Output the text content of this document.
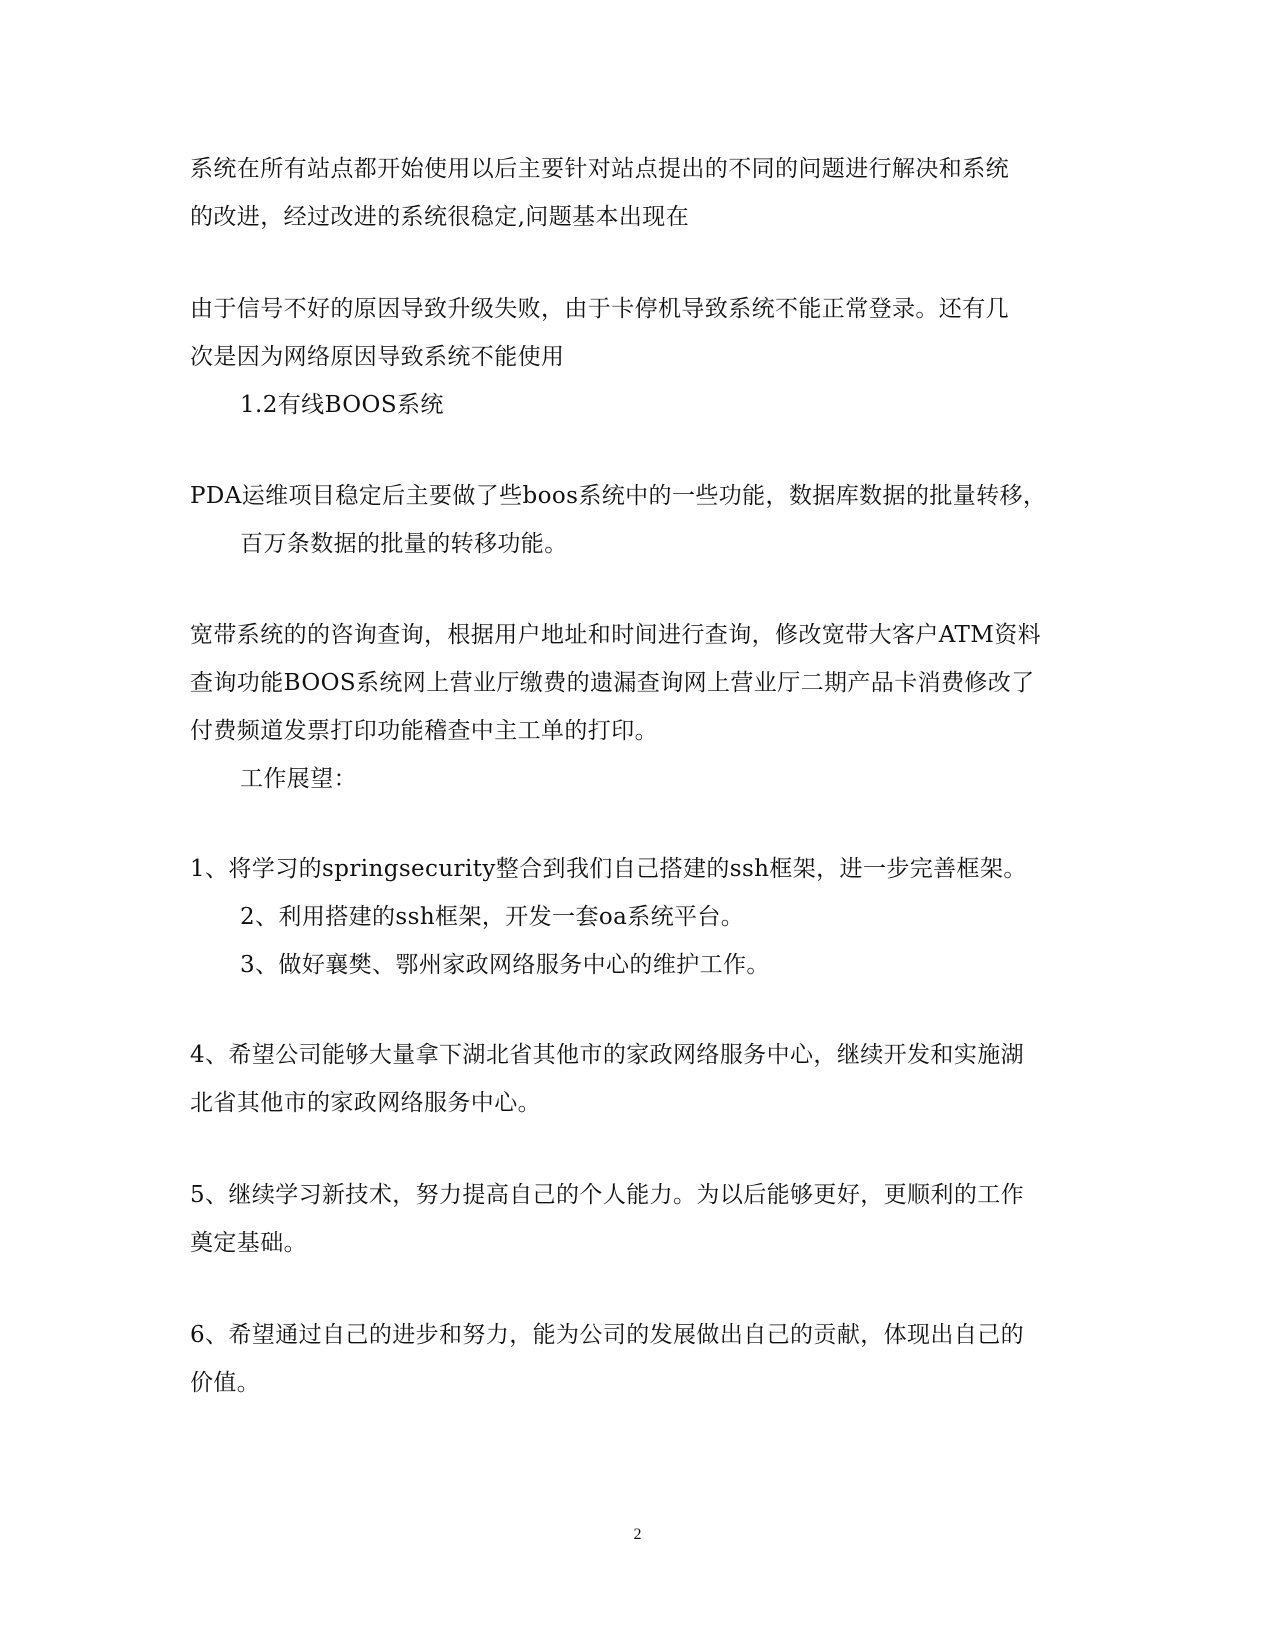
系统在所有站点都开始使用以后主要针对站点提出的不同的问题进行解决和系统
的改进，经过改进的系统很稳定,问题基本出现在
由于信号不好的原因导致升级失败，由于卡停机导致系统不能正常登录。还有几
次是因为网络原因导致系统不能使用
1.2有线BOOS系统
PDA运维项目稳定后主要做了些boos系统中的一些功能，数据库数据的批量转移，
百万条数据的批量的转移功能。
宽带系统的的咨询查询，根据用户地址和时间进行查询，修改宽带大客户ATM资料
查询功能BOOS系统网上营业厅缴费的遗漏查询网上营业厅二期产品卡消费修改了
付费频道发票打印功能稽查中主工单的打印。
工作展望：
1、将学习的springsecurity整合到我们自己搭建的ssh框架，进一步完善框架。
2、利用搭建的ssh框架，开发一套oa系统平台。
3、做好襄樊、鄂州家政网络服务中心的维护工作。
4、希望公司能够大量拿下湖北省其他市的家政网络服务中心，继续开发和实施湖
北省其他市的家政网络服务中心。
5、继续学习新技术，努力提高自己的个人能力。为以后能够更好，更顺利的工作
奠定基础。
6、希望通过自己的进步和努力，能为公司的发展做出自己的贡献，体现出自己的
价值。
2
